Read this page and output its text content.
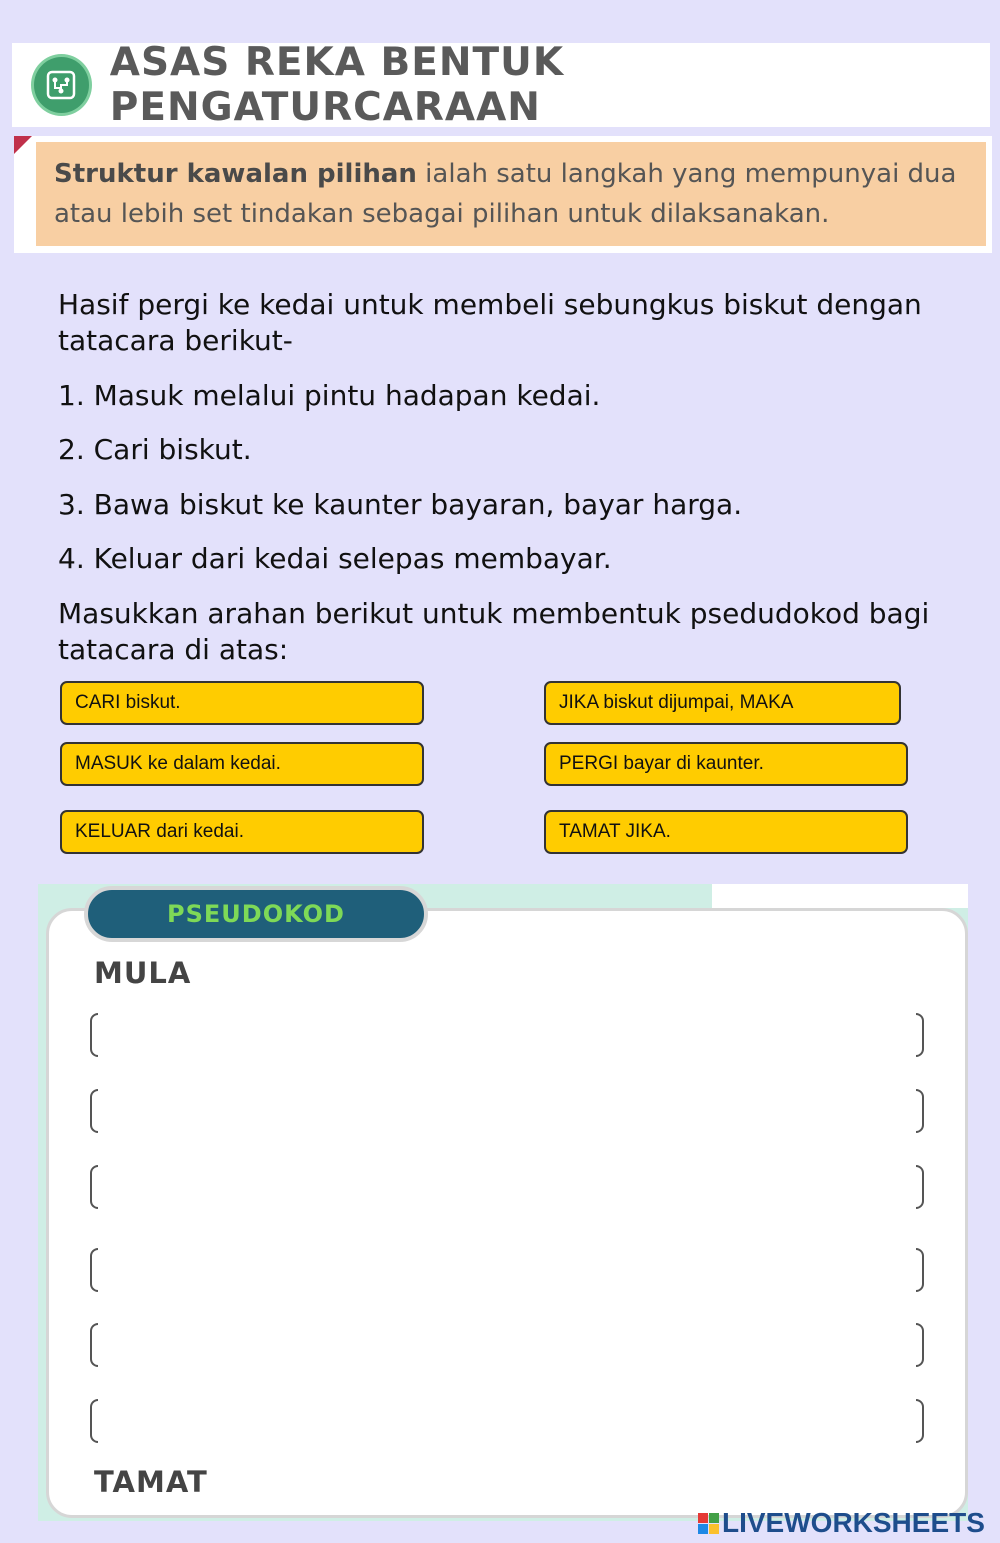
ASAS REKA BENTUK PENGATURCARAAN
Struktur kawalan pilihan ialah satu langkah yang mempunyai dua atau lebih set tindakan sebagai pilihan untuk dilaksanakan.
Hasif pergi ke kedai untuk membeli sebungkus biskut dengan tatacara berikut-
1. Masuk melalui pintu hadapan kedai.
2. Cari biskut.
3. Bawa biskut ke kaunter bayaran, bayar harga.
4. Keluar dari kedai selepas membayar.
Masukkan arahan berikut untuk membentuk psedudokod bagi tatacara di atas:
CARI biskut.	JIKA biskut dijumpai, MAKA
MASUK ke dalam kedai.	PERGI bayar di kaunter.
KELUAR dari kedai.	TAMAT JIKA.
PSEUDOKOD
MULA
TAMAT
LIVEWORKSHEETS
